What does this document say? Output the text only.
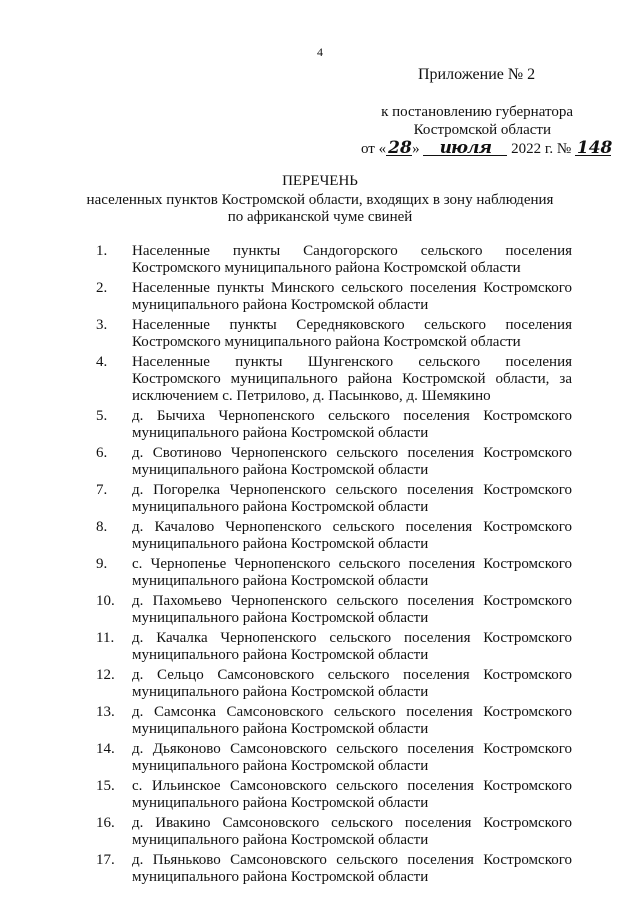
4
Приложение № 2
к постановлению губернатора
Костромской области
от « 28» июля 2022 г. № 148
ПЕРЕЧЕНЬ
населенных пунктов Костромской области, входящих в зону наблюдения
по африканской чуме свиней
1.	Населенные пункты Сандогорского сельского поселения
Костромского муниципального района Костромской области
2.	Населенные пункты Минского сельского поселения Костромского
муниципального района Костромской области
3.	Населенные пункты Середняковского сельского поселения
Костромского муниципального района Костромской области
4.	Населенные пункты Шунгенского сельского поселения
Костромского муниципального района Костромской области, за
исключением с. Петрилово, д. Пасынково, д. Шемякино
5.	д. Бычиха Чернопенского сельского поселения Костромского
муниципального района Костромской области
6.	д. Свотиново Чернопенского сельского поселения Костромского
муниципального района Костромской области
7.	д. Погорелка Чернопенского сельского поселения Костромского
муниципального района Костромской области
8.	д. Качалово Чернопенского сельского поселения Костромского
муниципального района Костромской области
9.	с. Чернопенье Чернопенского сельского поселения Костромского
муниципального района Костромской области
10.	д. Пахомьево Чернопенского сельского поселения Костромского
муниципального района Костромской области
11.	д. Качалка Чернопенского сельского поселения Костромского
муниципального района Костромской области
12.	д. Сельцо Самсоновского сельского поселения Костромского
муниципального района Костромской области
13.	д. Самсонка Самсоновского сельского поселения Костромского
муниципального района Костромской области
14.	д. Дьяконово Самсоновского сельского поселения Костромского
муниципального района Костромской области
15.	с. Ильинское Самсоновского сельского поселения Костромского
муниципального района Костромской области
16.	д. Ивакино Самсоновского сельского поселения Костромского
муниципального района Костромской области
17.	д. Пьяньково Самсоновского сельского поселения Костромского
муниципального района Костромской области
